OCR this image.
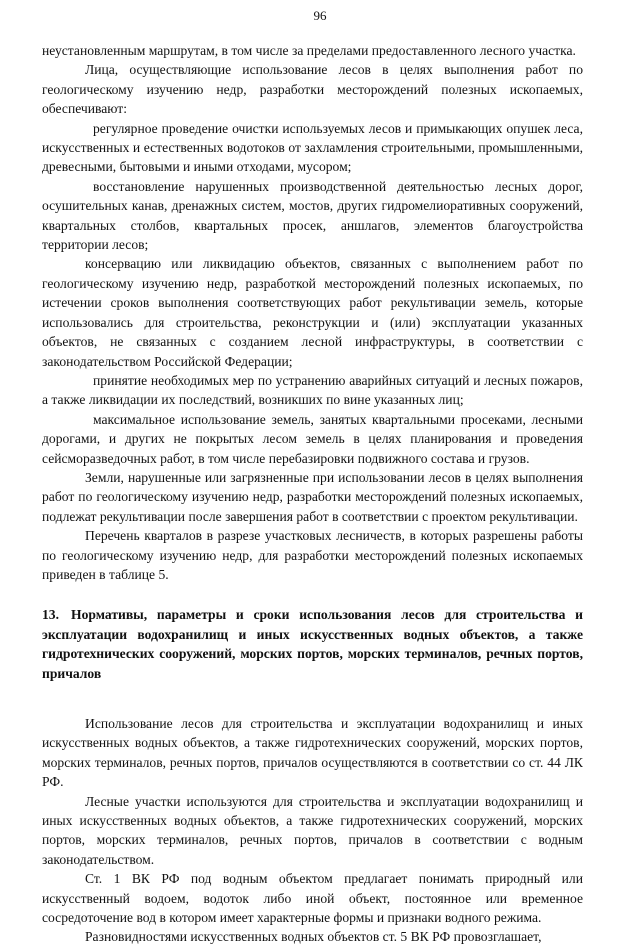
96

неустановленным маршрутам, в том числе за пределами предоставленного лесного участка.

Лица, осуществляющие использование лесов в целях выполнения работ по геологическому изучению недр, разработки месторождений полезных ископаемых, обеспечивают:

регулярное проведение очистки используемых лесов и примыкающих опушек леса, искусственных и естественных водотоков от захламления строительными, промышленными, древесными, бытовыми и иными отходами, мусором;

восстановление нарушенных производственной деятельностью лесных дорог, осушительных канав, дренажных систем, мостов, других гидромелиоративных сооружений, квартальных столбов, квартальных просек, аншлагов, элементов благоустройства территории лесов;

консервацию или ликвидацию объектов, связанных с выполнением работ по геологическому изучению недр, разработкой месторождений полезных ископаемых, по истечении сроков выполнения соответствующих работ рекультивации земель, которые использовались для строительства, реконструкции и (или) эксплуатации указанных объектов, не связанных с созданием лесной инфраструктуры, в соответствии с законодательством Российской Федерации;

принятие необходимых мер по устранению аварийных ситуаций и лесных пожаров, а также ликвидации их последствий, возникших по вине указанных лиц;

максимальное использование земель, занятых квартальными просеками, лесными дорогами, и других не покрытых лесом земель в целях планирования и проведения сейсморазведочных работ, в том числе перебазировки подвижного состава и грузов.

Земли, нарушенные или загрязненные при использовании лесов в целях выполнения работ по геологическому изучению недр, разработки месторождений полезных ископаемых, подлежат рекультивации после завершения работ в соответствии с проектом рекультивации.

Перечень кварталов в разрезе участковых лесничеств, в которых разрешены работы по геологическому изучению недр, для разработки месторождений полезных ископаемых приведен в таблице 5.

13. Нормативы, параметры и сроки использования лесов для строительства и эксплуатации водохранилищ и иных искусственных водных объектов, а также гидротехнических сооружений, морских портов, морских терминалов, речных портов, причалов

Использование лесов для строительства и эксплуатации водохранилищ и иных искусственных водных объектов, а также гидротехнических сооружений, морских портов, морских терминалов, речных портов, причалов осуществляются в соответствии со ст. 44 ЛК РФ.

Лесные участки используются для строительства и эксплуатации водохранилищ и иных искусственных водных объектов, а также гидротехнических сооружений, морских портов, морских терминалов, речных портов, причалов в соответствии с водным законодательством.

Ст. 1 ВК РФ под водным объектом предлагает понимать природный или искусственный водоем, водоток либо иной объект, постоянное или временное сосредоточение вод в котором имеет характерные формы и признаки водного режима.

Разновидностями искусственных водных объектов ст. 5 ВК РФ провозглашает,
